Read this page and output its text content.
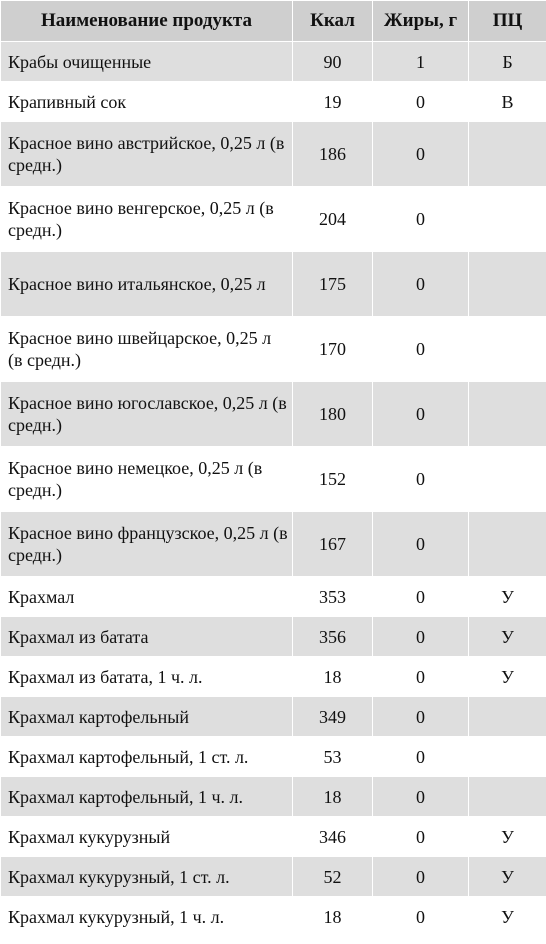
Наименование продукта	Ккал	Жиры, г	ПЦ
Крабы очищенные	90	1	Б
Крапивный сок	19	0	В
Красное вино австрийское, 0,25 л (в средн.)	186	0	
Красное вино венгерское, 0,25 л (в средн.)	204	0	
Красное вино итальянское, 0,25 л	175	0	
Красное вино швейцарское, 0,25 л (в средн.)	170	0	
Красное вино югославское, 0,25 л (в средн.)	180	0	
Красное вино немецкое, 0,25 л (в средн.)	152	0	
Красное вино французское, 0,25 л (в средн.)	167	0	
Крахмал	353	0	У
Крахмал из батата	356	0	У
Крахмал из батата, 1 ч. л.	18	0	У
Крахмал картофельный	349	0	
Крахмал картофельный, 1 ст. л.	53	0	
Крахмал картофельный, 1 ч. л.	18	0	
Крахмал кукурузный	346	0	У
Крахмал кукурузный, 1 ст. л.	52	0	У
Крахмал кукурузный, 1 ч. л.	18	0	У
